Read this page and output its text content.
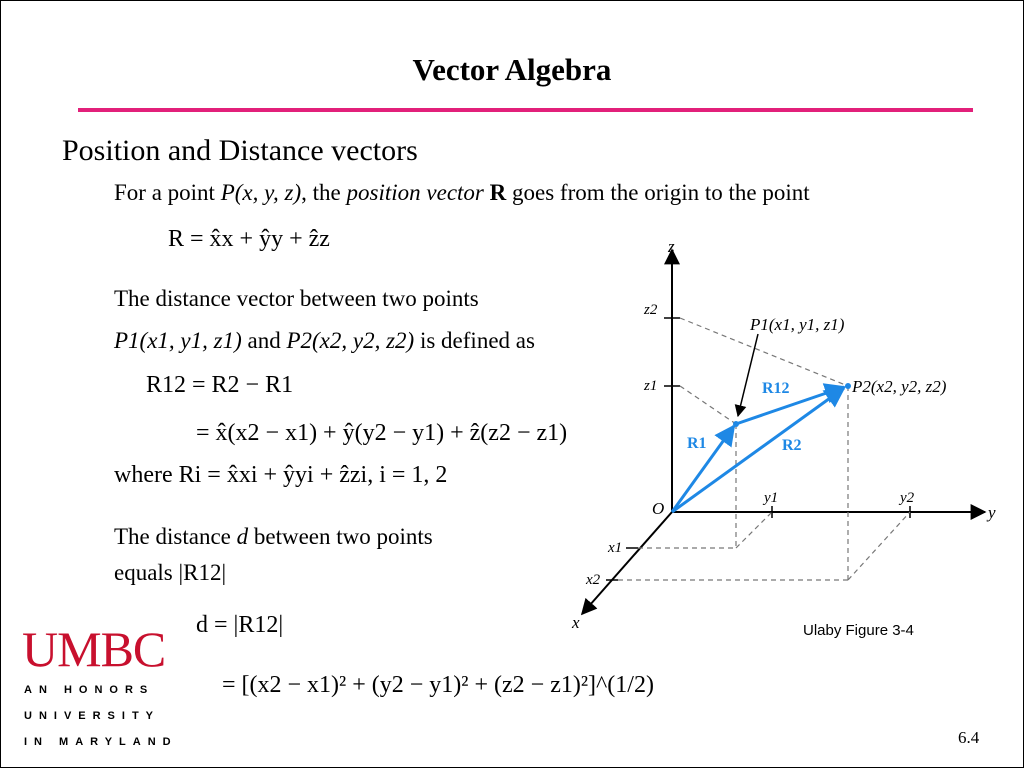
Vector Algebra
Position and Distance vectors
For a point P(x, y, z), the position vector R goes from the origin to the point
R = x̂x + ŷy + ẑz
The distance vector between two points
P1(x1, y1, z1) and P2(x2, y2, z2) is defined as
R12 = R2 − R1
= x̂(x2 − x1) + ŷ(y2 − y1) + ẑ(z2 − z1)
where Ri = x̂xi + ŷyi + ẑzi, i = 1, 2
The distance d between two points
equals |R12|
d = |R12|
= [(x2 − x1)² + (y2 − y1)² + (z2 − z1)²]^(1/2)
Ulaby Figure 3-4
6.4
UMBC
AN HONORS
UNIVERSITY
IN MARYLAND
z
y
x
O
z2
z1
y1	y2
x1
x2
P1(x1, y1, z1)
P2(x2, y2, z2)
R1	R2
R12
